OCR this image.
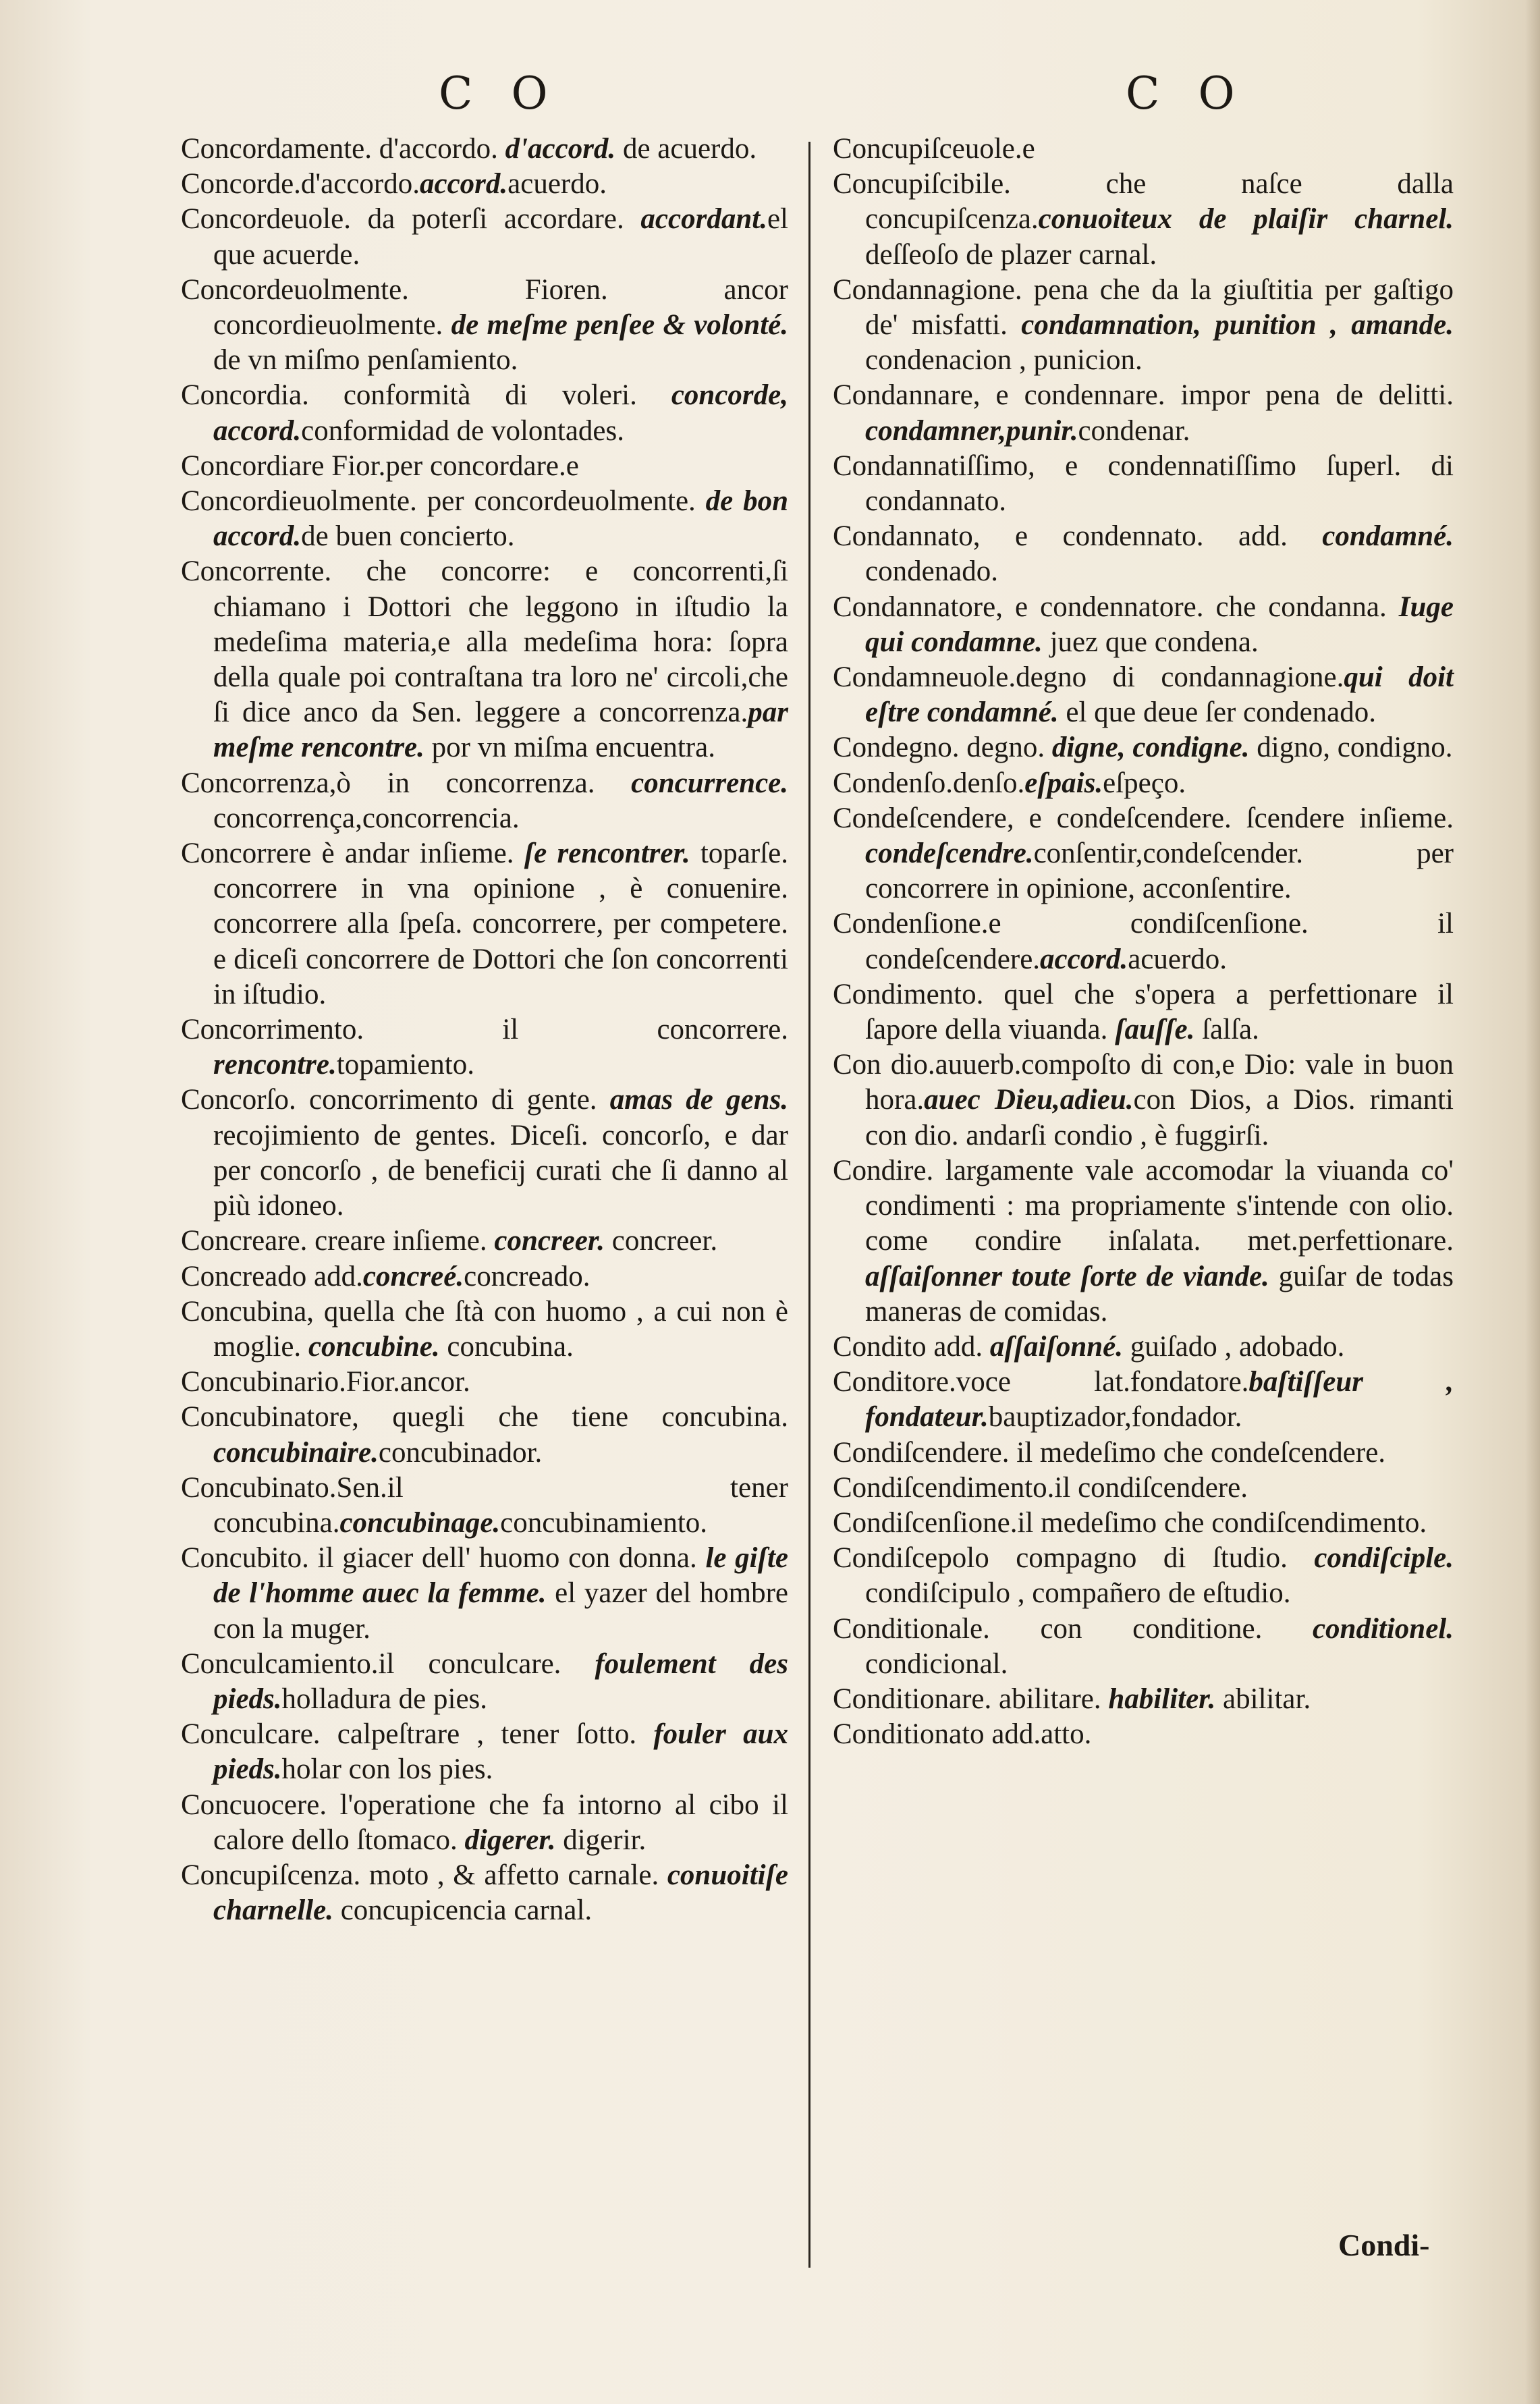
C O	C O

Concordamente. d'accordo. d'accord. de acuerdo.

Concorde.d'accordo.accord.acuerdo.

Concordeuole. da poterſi accordare. accordant.el que acuerde.

Concordeuolmente. Fioren. ancor concordieuolmente. de meſme penſee & volonté. de vn miſmo penſamiento.

Concordia. conformità di voleri. concorde, accord.conformidad de volontades.

Concordiare Fior.per concordare.e

Concordieuolmente. per concordeuolmente. de bon accord.de buen concierto.

Concorrente. che concorre: e concorrenti,ſi chiamano i Dottori che leggono in iſtudio la medeſima materia,e alla medeſima hora: ſopra della quale poi contraſtana tra loro ne' circoli,che ſi dice anco da Sen. leggere a concorrenza.par meſme rencontre. por vn miſma encuentra.

Concorrenza,ò in concorrenza. concurrence. concorrença,concorrencia.

Concorrere è andar inſieme. ſe rencontrer. toparſe. concorrere in vna opinione , è conuenire. concorrere alla ſpeſa. concorrere, per competere. e diceſi concorrere de Dottori che ſon concorrenti in iſtudio.

Concorrimento. il concorrere. rencontre.topamiento.

Concorſo. concorrimento di gente. amas de gens. recojimiento de gentes. Diceſi. concorſo, e dar per concorſo , de beneficij curati che ſi danno al più idoneo.

Concreare. creare inſieme. concreer. concreer.

Concreado add.concreé.concreado.

Concubina, quella che ſtà con huomo , a cui non è moglie. concubine. concubina.

Concubinario.Fior.ancor.

Concubinatore, quegli che tiene concubina. concubinaire.concubinador.

Concubinato.Sen.il tener concubina.concubinage.concubinamiento.

Concubito. il giacer dell' huomo con donna. le giſte de l'homme auec la femme. el yazer del hombre con la muger.

Conculcamiento.il conculcare. foulement des pieds.holladura de pies.

Conculcare. calpeſtrare , tener ſotto. fouler aux pieds.holar con los pies.

Concuocere. l'operatione che fa intorno al cibo il calore dello ſtomaco. digerer. digerir.

Concupiſcenza. moto , & affetto carnale. conuoitiſe charnelle. concupicencia carnal.

Concupiſceuole.e

Concupiſcibile. che naſce dalla concupiſcenza.conuoiteux de plaiſir charnel. deſſeoſo de plazer carnal.

Condannagione. pena che da la giuſtitia per gaſtigo de' misfatti. condamnation, punition , amande. condenacion , punicion.

Condannare, e condennare. impor pena de delitti. condamner,punir.condenar.

Condannatiſſimo, e condennatiſſimo ſuperl. di condannato.

Condannato, e condennato. add. condamné. condenado.

Condannatore, e condennatore. che condanna. Iuge qui condamne. juez que condena.

Condamneuole.degno di condannagione.qui doit eſtre condamné. el que deue ſer condenado.

Condegno. degno. digne, condigne. digno, condigno.

Condenſo.denſo.eſpais.eſpeço.

Condeſcendere, e condeſcendere. ſcendere inſieme. condeſcendre.conſentir,condeſcender. per concorrere in opinione, acconſentire.

Condenſione.e condiſcenſione. il condeſcendere.accord.acuerdo.

Condimento. quel che s'opera a perfettionare il ſapore della viuanda. ſauſſe. ſalſa.

Con dio.auuerb.compoſto di con,e Dio: vale in buon hora.auec Dieu,adieu.con Dios, a Dios. rimanti con dio. andarſi condio , è fuggirſi.

Condire. largamente vale accomodar la viuanda co' condimenti : ma propriamente s'intende con olio. come condire inſalata. met.perfettionare. aſſaiſonner toute ſorte de viande. guiſar de todas maneras de comidas.

Condito add. aſſaiſonné. guiſado , adobado.

Conditore.voce lat.fondatore.baſtiſſeur , fondateur.bauptizador,fondador.

Condiſcendere. il medeſimo che condeſcendere.

Condiſcendimento.il condiſcendere.

Condiſcenſione.il medeſimo che condiſcendimento.

Condiſcepolo compagno di ſtudio. condiſciple. condiſcipulo , compañero de eſtudio.

Conditionale. con conditione. conditionel. condicional.

Conditionare. abilitare. habiliter. abilitar.

Conditionato add.atto.

Condi-
